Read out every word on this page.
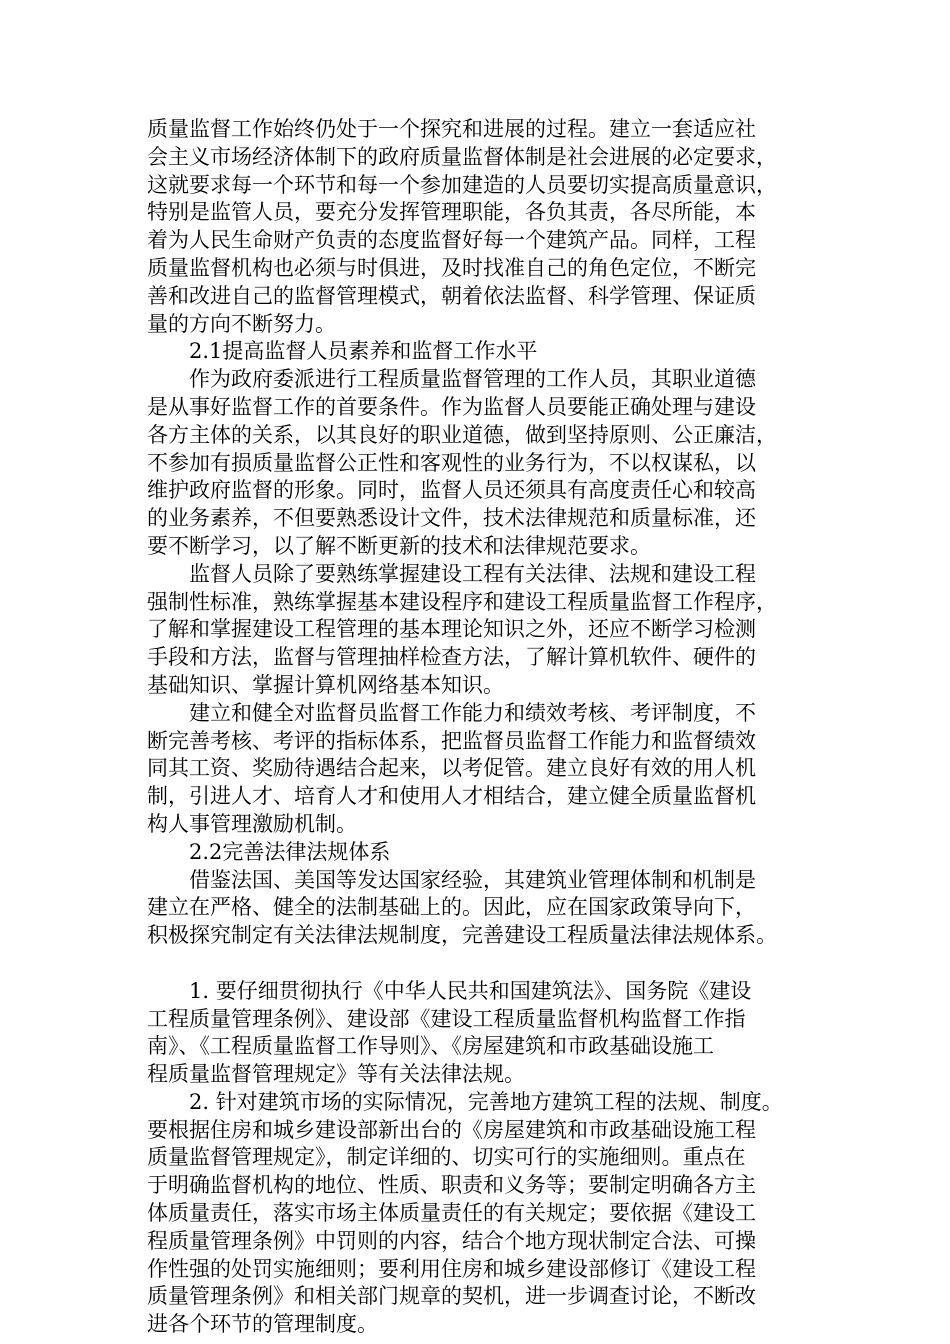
质量监督工作始终仍处于一个探究和进展的过程。建立一套适应社
会主义市场经济体制下的政府质量监督体制是社会进展的必定要求，
这就要求每一个环节和每一个参加建造的人员要切实提高质量意识，
特别是监管人员，要充分发挥管理职能，各负其责，各尽所能，本
着为人民生命财产负责的态度监督好每一个建筑产品。同样，工程
质量监督机构也必须与时俱进，及时找准自己的角色定位，不断完
善和改进自己的监督管理模式，朝着依法监督、科学管理、保证质
量的方向不断努力。
2.1提高监督人员素养和监督工作水平
作为政府委派进行工程质量监督管理的工作人员，其职业道德
是从事好监督工作的首要条件。作为监督人员要能正确处理与建设
各方主体的关系，以其良好的职业道德，做到坚持原则、公正廉洁，
不参加有损质量监督公正性和客观性的业务行为，不以权谋私，以
维护政府监督的形象。同时，监督人员还须具有高度责任心和较高
的业务素养，不但要熟悉设计文件，技术法律规范和质量标准，还
要不断学习，以了解不断更新的技术和法律规范要求。
监督人员除了要熟练掌握建设工程有关法律、法规和建设工程
强制性标准，熟练掌握基本建设程序和建设工程质量监督工作程序，
了解和掌握建设工程管理的基本理论知识之外，还应不断学习检测
手段和方法，监督与管理抽样检查方法，了解计算机软件、硬件的
基础知识、掌握计算机网络基本知识。
建立和健全对监督员监督工作能力和绩效考核、考评制度，不
断完善考核、考评的指标体系，把监督员监督工作能力和监督绩效
同其工资、奖励待遇结合起来，以考促管。建立良好有效的用人机
制，引进人才、培育人才和使用人才相结合，建立健全质量监督机
构人事管理激励机制。
2.2完善法律法规体系
借鉴法国、美国等发达国家经验，其建筑业管理体制和机制是
建立在严格、健全的法制基础上的。因此，应在国家政策导向下，
积极探究制定有关法律法规制度，完善建设工程质量法律法规体系。
1. 要仔细贯彻执行《中华人民共和国建筑法》、国务院《建设
工程质量管理条例》、建设部《建设工程质量监督机构监督工作指
南》、《工程质量监督工作导则》、《房屋建筑和市政基础设施工
程质量监督管理规定》等有关法律法规。
2. 针对建筑市场的实际情况，完善地方建筑工程的法规、制度。
要根据住房和城乡建设部新出台的《房屋建筑和市政基础设施工程
质量监督管理规定》，制定详细的、切实可行的实施细则。重点在
于明确监督机构的地位、性质、职责和义务等；要制定明确各方主
体质量责任，落实市场主体质量责任的有关规定；要依据《建设工
程质量管理条例》中罚则的内容，结合个地方现状制定合法、可操
作性强的处罚实施细则；要利用住房和城乡建设部修订《建设工程
质量管理条例》和相关部门规章的契机，进一步调查讨论，不断改
进各个环节的管理制度。
